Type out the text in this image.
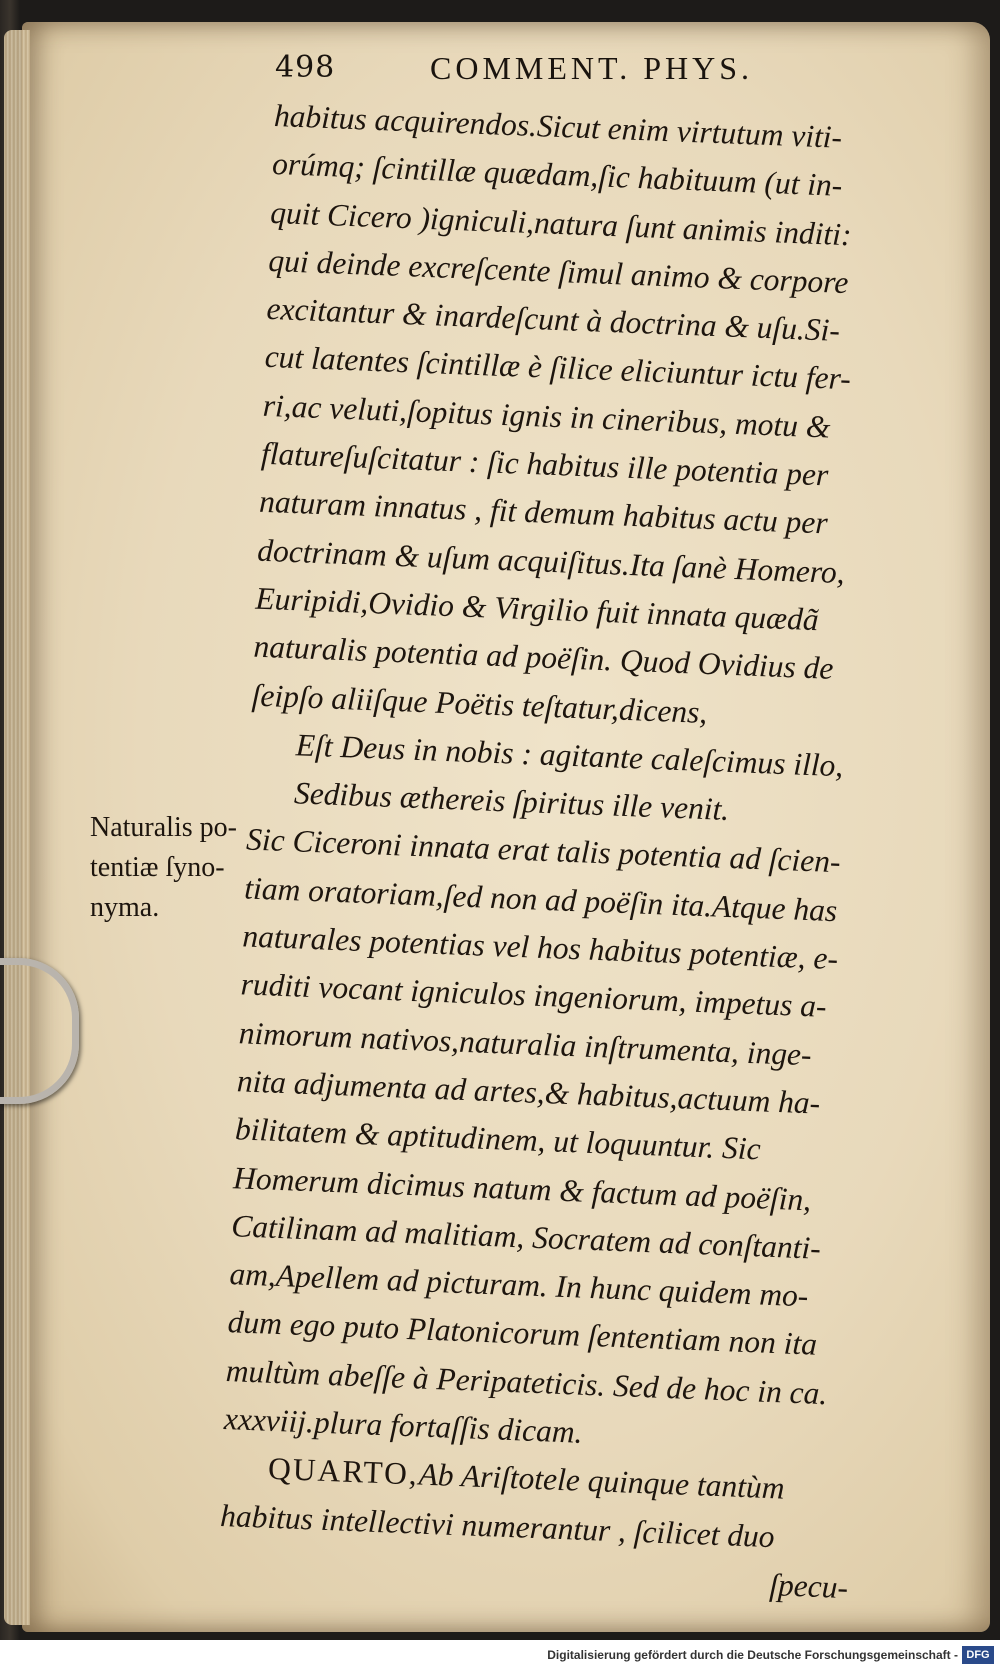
498	COMMENT. PHYS.
habitus acquirendos.Sicut enim virtutum viti-
orúmq; ſcintillæ quædam,ſic habituum (ut in-
quit Cicero )igniculi,natura ſunt animis inditi:
qui deinde excreſcente ſimul animo & corpore
excitantur & inardeſcunt à doctrina & uſu.Si-
cut latentes ſcintillæ è ſilice eliciuntur ictu fer-
ri,ac veluti,ſopitus ignis in cineribus, motu &
flatureſuſcitatur : ſic habitus ille potentia per
naturam innatus , fit demum habitus actu per
doctrinam & uſum acquiſitus.Ita ſanè Homero,
Euripidi,Ovidio & Virgilio fuit innata quædã
naturalis potentia ad poëſin. Quod Ovidius de
ſeipſo aliiſque Poëtis teſtatur,dicens,
Eſt Deus in nobis : agitante caleſcimus illo,
Sedibus æthereis ſpiritus ille venit.
Sic Ciceroni innata erat talis potentia ad ſcien-
tiam oratoriam,ſed non ad poëſin ita.Atque has
naturales potentias vel hos habitus potentiæ, e-
ruditi vocant igniculos ingeniorum, impetus a-
nimorum nativos,naturalia inſtrumenta, inge-
nita adjumenta ad artes,& habitus,actuum ha-
bilitatem & aptitudinem, ut loquuntur. Sic
Homerum dicimus natum & factum ad poëſin,
Catilinam ad malitiam, Socratem ad conſtanti-
am,Apellem ad picturam. In hunc quidem mo-
dum ego puto Platonicorum ſententiam non ita
multùm abeſſe à Peripateticis. Sed de hoc in ca.
xxxviij.plura fortaſſis dicam.
QUARTO,Ab Ariſtotele quinque tantùm
habitus intellectivi numerantur , ſcilicet duo
ſpecu-
Naturalis po-
tentiæ ſyno-
nyma.
Digitalisierung gefördert durch die Deutsche Forschungsgemeinschaft - DFG
